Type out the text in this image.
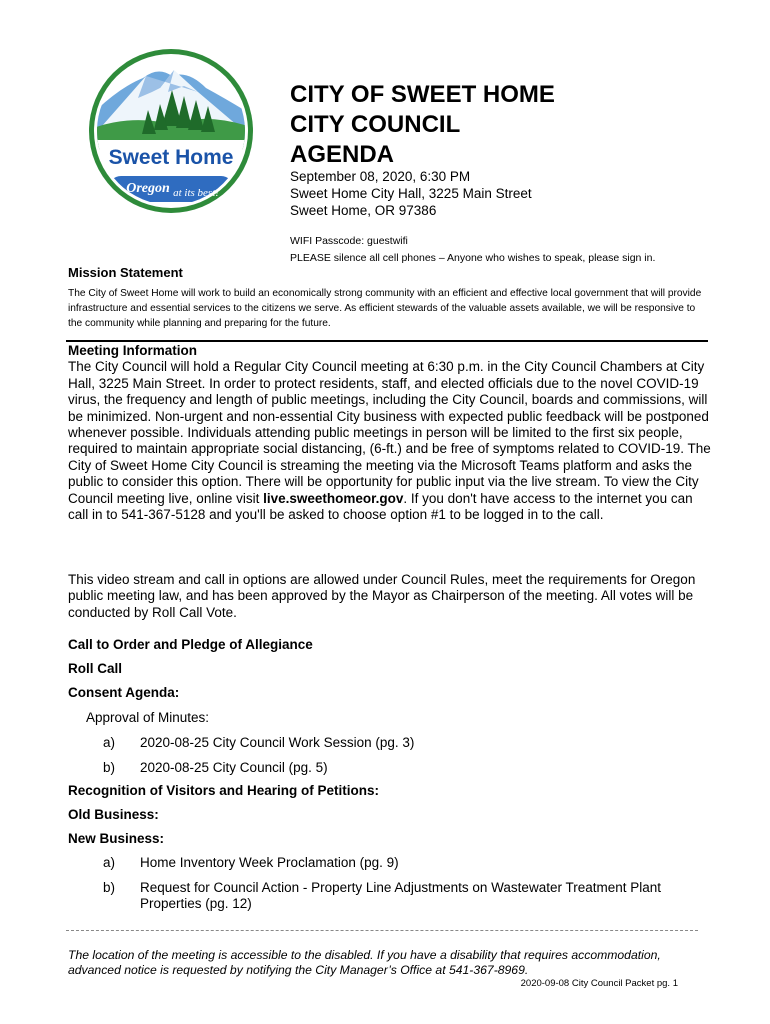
Sweet Home
Oregon at its best!
CITY OF SWEET HOME
CITY COUNCIL
AGENDA
September 08, 2020, 6:30 PM
Sweet Home City Hall, 3225 Main Street
Sweet Home, OR 97386
WIFI Passcode: guestwifi
PLEASE silence all cell phones – Anyone who wishes to speak, please sign in.
Mission Statement
The City of Sweet Home will work to build an economically strong community with an efficient and effective local government that will provide infrastructure and essential services to the citizens we serve. As efficient stewards of the valuable assets available, we will be responsive to the community while planning and preparing for the future.
Meeting Information
The City Council will hold a Regular City Council meeting at 6:30 p.m. in the City Council Chambers at City Hall, 3225 Main Street. In order to protect residents, staff, and elected officials due to the novel COVID-19 virus, the frequency and length of public meetings, including the City Council, boards and commissions, will be minimized. Non-urgent and non-essential City business with expected public feedback will be postponed whenever possible. Individuals attending public meetings in person will be limited to the first six people, required to maintain appropriate social distancing, (6-ft.) and be free of symptoms related to COVID-19. The City of Sweet Home City Council is streaming the meeting via the Microsoft Teams platform and asks the public to consider this option. There will be opportunity for public input via the live stream. To view the City Council meeting live, online visit live.sweethomeor.gov. If you don't have access to the internet you can call in to 541-367-5128 and you'll be asked to choose option #1 to be logged in to the call.
This video stream and call in options are allowed under Council Rules, meet the requirements for Oregon public meeting law, and has been approved by the Mayor as Chairperson of the meeting. All votes will be conducted by Roll Call Vote.
Call to Order and Pledge of Allegiance
Roll Call
Consent Agenda:
Approval of Minutes:
a) 2020-08-25 City Council Work Session (pg. 3)
b) 2020-08-25 City Council (pg. 5)
Recognition of Visitors and Hearing of Petitions:
Old Business:
New Business:
a) Home Inventory Week Proclamation (pg. 9)
b) Request for Council Action - Property Line Adjustments on Wastewater Treatment Plant Properties (pg. 12)
The location of the meeting is accessible to the disabled. If you have a disability that requires accommodation, advanced notice is requested by notifying the City Manager’s Office at 541-367-8969.
2020-09-08 City Council Packet pg. 1
